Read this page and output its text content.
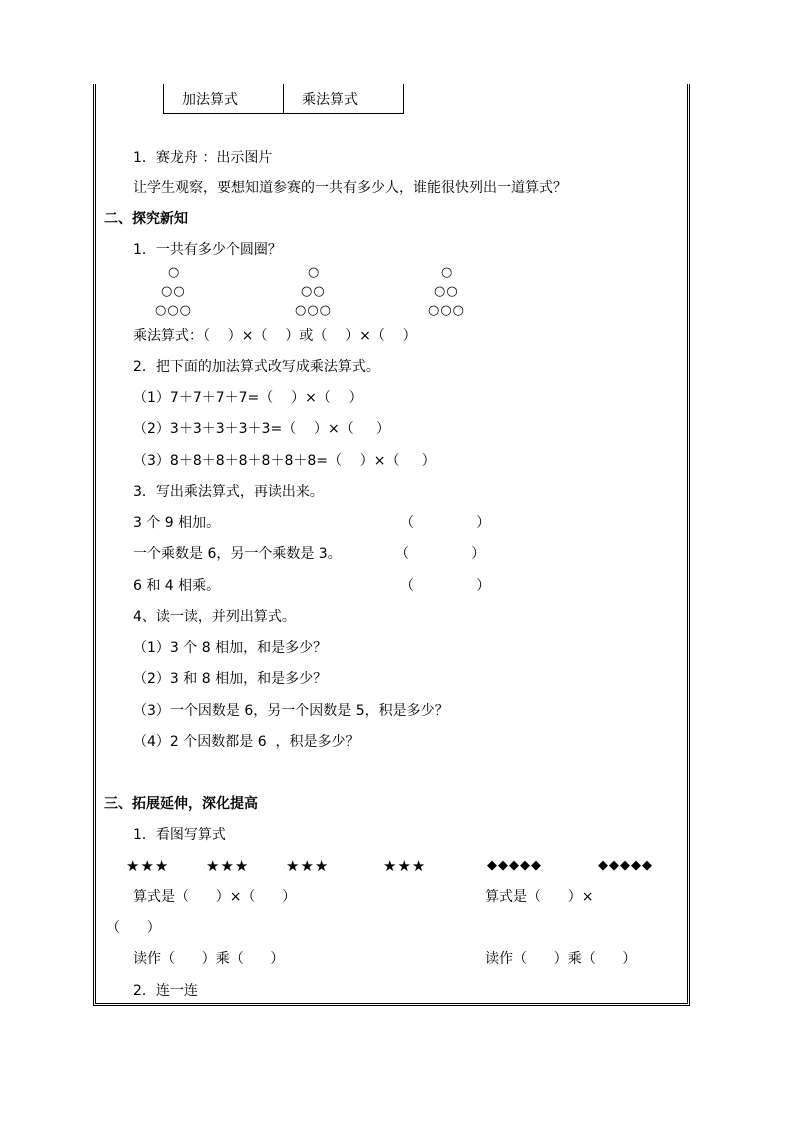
加法算式	乘法算式
1．赛龙舟 ：出示图片
让学生观察，要想知道参赛的一共有多少人，谁能很快列出一道算式？
二、探究新知
1．一共有多少个圆圈？
○
○○
○○○
○
○○
○○○
○
○○
○○○
乘法算式：（    ）×（    ）或（    ）×（    ）
2．把下面的加法算式改写成乘法算式。
（1）7＋7＋7＋7=（    ）×（    ）
（2）3＋3＋3＋3＋3=（    ）×（     ）
（3）8＋8＋8＋8＋8＋8＋8=（    ）×（     ）
3．写出乘法算式，再读出来。
3 个 9 相加。	（              ）
一个乘数是 6，另一个乘数是 3。	（              ）
6 和 4 相乘。	（              ）
4、读一读，并列出算式。
（1）3 个 8 相加，和是多少？
（2）3 和 8 相加，和是多少？
（3）一个因数是 6，另一个因数是 5，积是多少？
（4）2 个因数都是 6  ，积是多少？
三、拓展延伸，深化提高
1．看图写算式
★★★ ★★★ ★★★	★★★	◆◆◆◆◆	◆◆◆◆◆
算式是（      ）×（      ）	算式是（      ）×
（      ）
读作（      ）乘（      ）	读作（      ）乘（      ）
2．连一连
